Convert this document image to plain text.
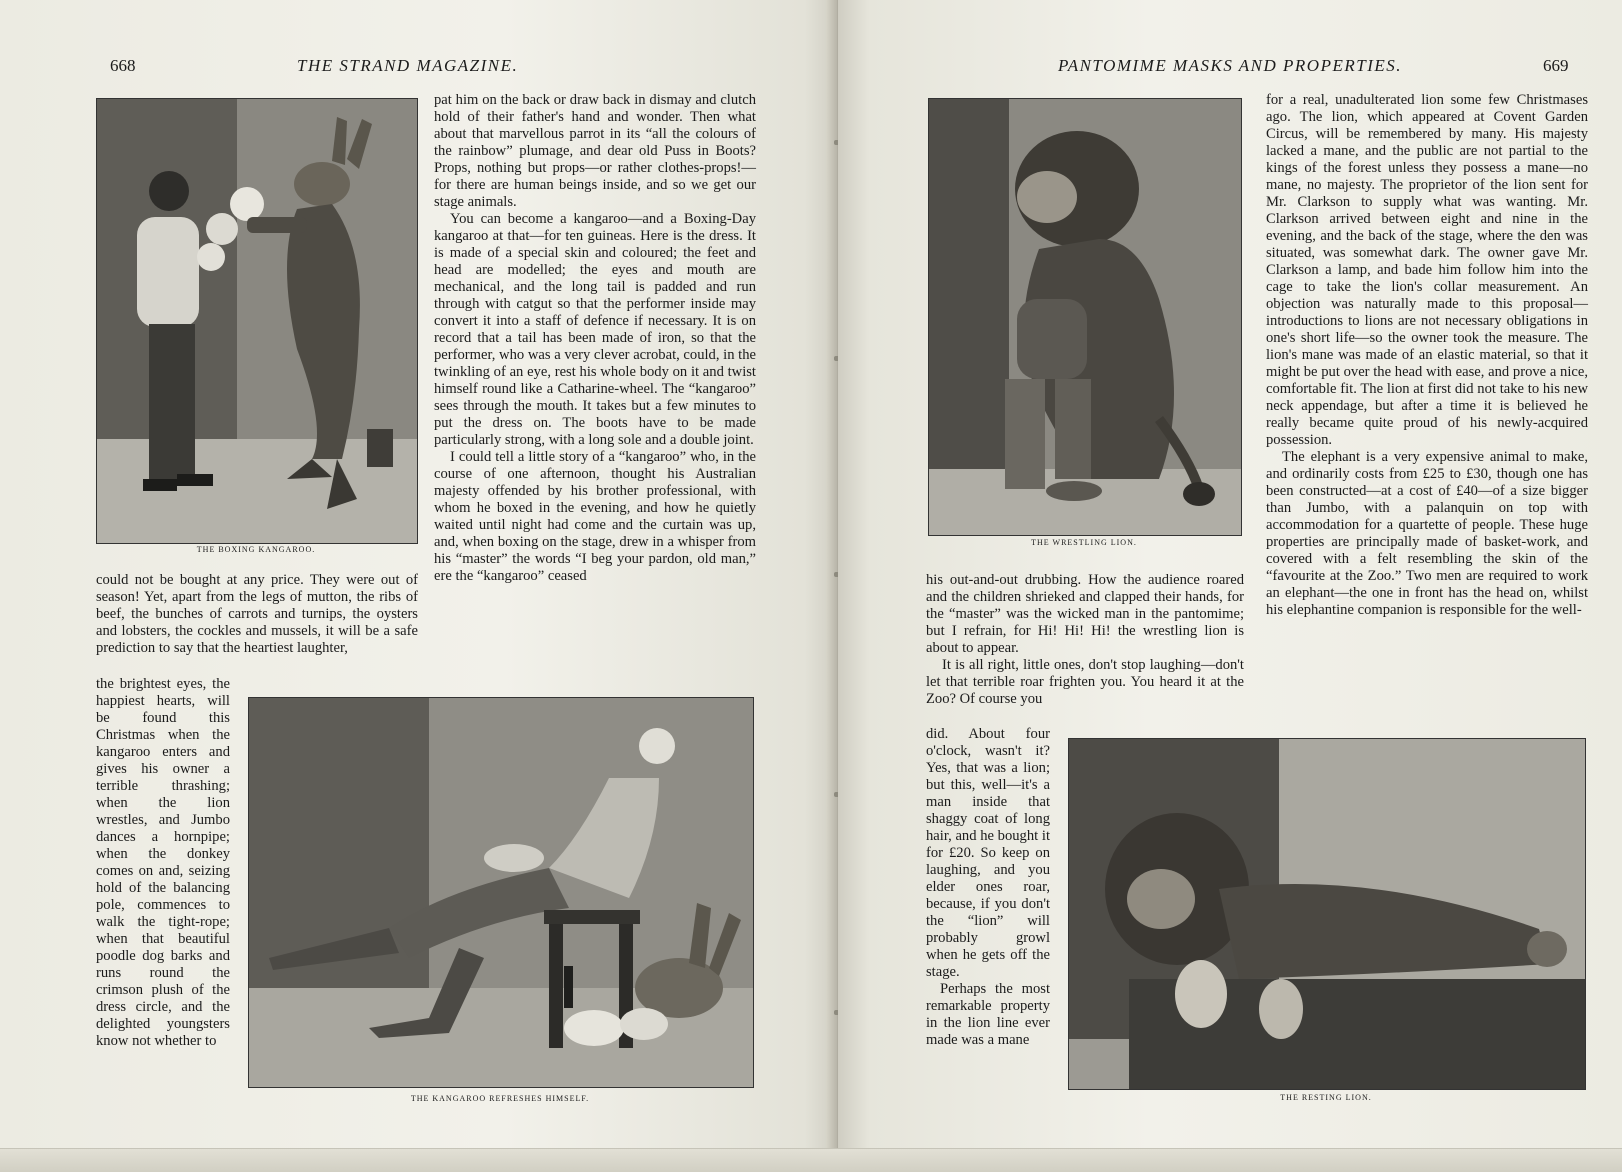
668	THE STRAND MAGAZINE.
THE BOXING KANGAROO.

pat him on the back or draw back in dismay and clutch hold of their father's hand and wonder. Then what about that marvellous parrot in its “all the colours of the rainbow” plumage, and dear old Puss in Boots? Props, nothing but props—or rather clothes-props!—for there are human beings inside, and so we get our stage animals.

You can become a kangaroo—and a Boxing-Day kangaroo at that—for ten guineas. Here is the dress. It is made of a special skin and coloured; the feet and head are modelled; the eyes and mouth are mechanical, and the long tail is padded and run through with catgut so that the performer inside may convert it into a staff of defence if necessary. It is on record that a tail has been made of iron, so that the performer, who was a very clever acrobat, could, in the twinkling of an eye, rest his whole body on it and twist himself round like a Catharine-wheel. The “kangaroo” sees through the mouth. It takes but a few minutes to put the dress on. The boots have to be made particularly strong, with a long sole and a double joint.

I could tell a little story of a “kangaroo” who, in the course of one afternoon, thought his Australian majesty offended by his brother professional, with whom he boxed in the evening, and how he quietly waited until night had come and the curtain was up, and, when boxing on the stage, drew in a whisper from his “master” the words “I beg your pardon, old man,” ere the “kangaroo” ceased

could not be bought at any price. They were out of season! Yet, apart from the legs of mutton, the ribs of beef, the bunches of carrots and turnips, the oysters and lobsters, the cockles and mussels, it will be a safe prediction to say that the heartiest laughter,

the brightest eyes, the happiest hearts, will be found this Christmas when the kangaroo enters and gives his owner a terrible thrashing; when the lion wrestles, and Jumbo dances a hornpipe; when the donkey comes on and, seizing hold of the balancing pole, commences to walk the tight-rope; when that beautiful poodle dog barks and runs round the crimson plush of the dress circle, and the delighted youngsters know not whether to

THE KANGAROO REFRESHES HIMSELF.
PANTOMIME MASKS AND PROPERTIES.	669
THE WRESTLING LION.

for a real, unadulterated lion some few Christmases ago. The lion, which appeared at Covent Garden Circus, will be remembered by many. His majesty lacked a mane, and the public are not partial to the kings of the forest unless they possess a mane—no mane, no majesty. The proprietor of the lion sent for Mr. Clarkson to supply what was wanting. Mr. Clarkson arrived between eight and nine in the evening, and the back of the stage, where the den was situated, was somewhat dark. The owner gave Mr. Clarkson a lamp, and bade him follow him into the cage to take the lion's collar measurement. An objection was naturally made to this proposal—introductions to lions are not necessary obligations in one's short life—so the owner took the measure. The lion's mane was made of an elastic material, so that it might be put over the head with ease, and prove a nice, comfortable fit. The lion at first did not take to his new neck appendage, but after a time it is believed he really became quite proud of his newly-acquired possession.

The elephant is a very expensive animal to make, and ordinarily costs from £25 to £30, though one has been constructed—at a cost of £40—of a size bigger than Jumbo, with a palanquin on top with accommodation for a quartette of people. These huge properties are principally made of basket-work, and covered with a felt resembling the skin of the “favourite at the Zoo.” Two men are required to work an elephant—the one in front has the head on, whilst his elephantine companion is responsible for the well-

his out-and-out drubbing. How the audience roared and the children shrieked and clapped their hands, for the “master” was the wicked man in the pantomime; but I refrain, for Hi! Hi! Hi! the wrestling lion is about to appear.

It is all right, little ones, don't stop laughing—don't let that terrible roar frighten you. You heard it at the Zoo? Of course you

did. About four o'clock, wasn't it? Yes, that was a lion; but this, well—it's a man inside that shaggy coat of long hair, and he bought it for £20. So keep on laughing, and you elder ones roar, because, if you don't the “lion” will probably growl when he gets off the stage.

Perhaps the most remarkable property in the lion line ever made was a mane

THE RESTING LION.
